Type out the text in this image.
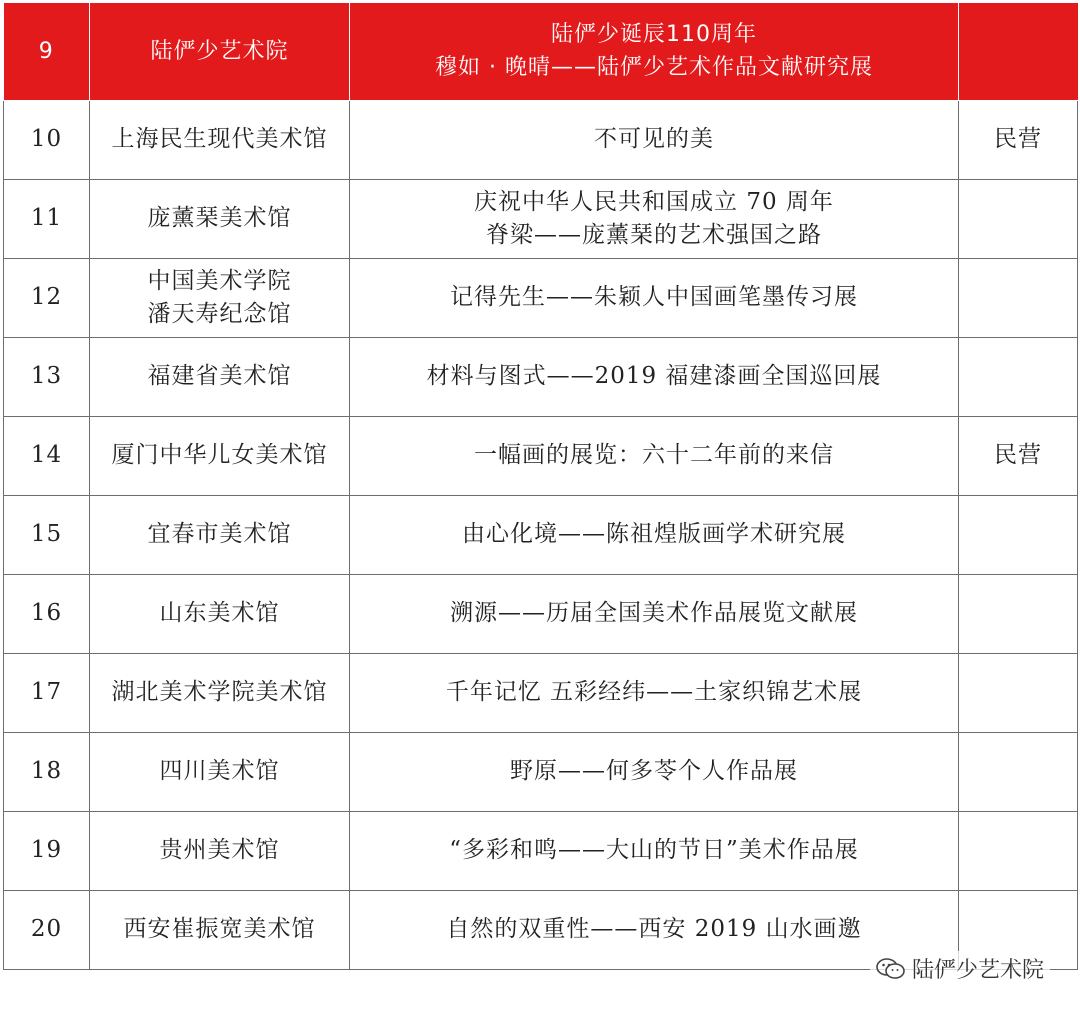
9	陆俨少艺术院	陆俨少诞辰110周年
穆如 · 晚晴——陆俨少艺术作品文献研究展	

10	上海民生现代美术馆	不可见的美	民营
11	庞薰琹美术馆	庆祝中华人民共和国成立 70 周年
脊梁——庞薰琹的艺术强国之路	

12	中国美术学院
潘天寿纪念馆	记得先生——朱颖人中国画笔墨传习展	

13	福建省美术馆	材料与图式——2019 福建漆画全国巡回展	

14	厦门中华儿女美术馆	一幅画的展览：六十二年前的来信	民营
15	宜春市美术馆	由心化境——陈祖煌版画学术研究展	

16	山东美术馆	溯源——历届全国美术作品展览文献展	

17	湖北美术学院美术馆	千年记忆 五彩经纬——土家织锦艺术展	

18	四川美术馆	野原——何多苓个人作品展	

19	贵州美术馆	“多彩和鸣——大山的节日”美术作品展	

20	西安崔振宽美术馆	自然的双重性——西安 2019 山水画邀	

陆俨少艺术院
